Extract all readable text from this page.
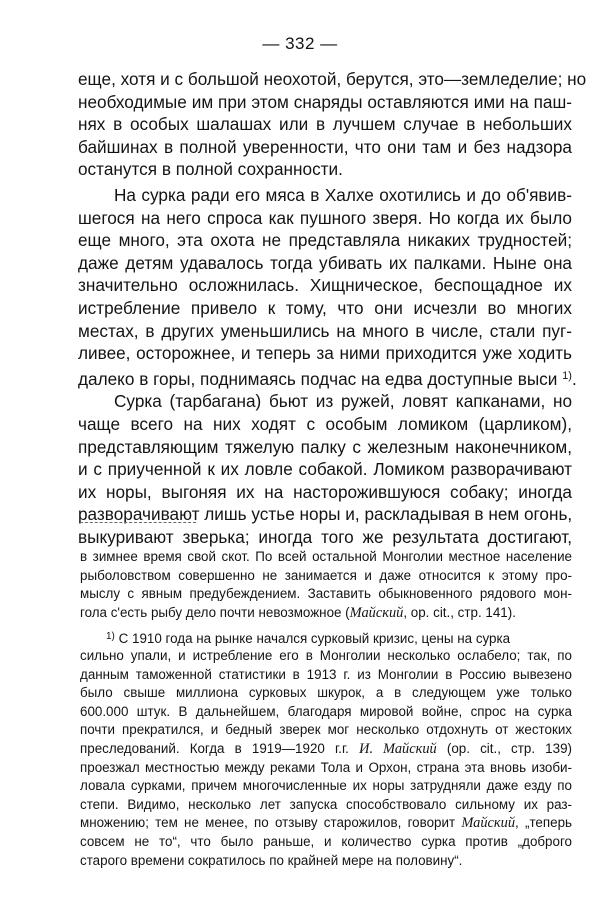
— 332 —
еще, хотя и с большой неохотой, берутся, это—земледелие; но
необходимые им при этом снаряды оставляются ими на паш-
нях в особых шалашах или в лучшем случае в небольших
байшинах в полной уверенности, что они там и без надзора
останутся в полной сохранности.
На сурка ради его мяса в Халхе охотились и до об'явив-
шегося на него спроса как пушного зверя. Но когда их было
еще много, эта охота не представляла никаких трудностей;
даже детям удавалось тогда убивать их палками. Ныне она
значительно осложнилась. Хищническое, беспощадное их
истребление привело к тому, что они исчезли во многих
местах, в других уменьшились на много в числе, стали пуг-
ливее, осторожнее, и теперь за ними приходится уже ходить
далеко в горы, поднимаясь подчас на едва доступные выси $^{1)}$.
Сурка (тарбагана) бьют из ружей, ловят капканами, но
чаще всего на них ходят с особым ломиком (царликом),
представляющим тяжелую палку с железным наконечником,
и с приученной к их ловле собакой. Ломиком разворачивают
их норы, выгоняя их на насторожившуюся собаку; иногда
разворачивают лишь устье норы и, раскладывая в нем огонь,
выкуривают зверька; иногда того же результата достигают,
в зимнее время свой скот. По всей остальной Монголии местное население
рыболовством совершенно не занимается и даже относится к этому про-
мыслу с явным предубеждением. Заставить обыкновенного рядового мон-
гола с'есть рыбу дело почти невозможное (Майский, op. cit., стр. 141).
$^{1)}$ С 1910 года на рынке начался сурковый кризис, цены на сурка
сильно упали, и истребление его в Монголии несколько ослабело; так, по
данным таможенной статистики в 1913 г. из Монголии в Россию вывезено
было свыше миллиона сурковых шкурок, а в следующем уже только
600.000 штук. В дальнейшем, благодаря мировой войне, спрос на сурка
почти прекратился, и бедный зверек мог несколько отдохнуть от жестоких
преследований. Когда в 1919—1920 г.г. И. Майский (op. cit., стр. 139)
проезжал местностью между реками Тола и Орхон, страна эта вновь изоби-
ловала сурками, причем многочисленные их норы затрудняли даже езду по
степи. Видимо, несколько лет запуска способствовало сильному их раз-
множению; тем не менее, по отзыву старожилов, говорит Майский, „теперь
совсем не то“, что было раньше, и количество сурка против „доброго
старого времени сократилось по крайней мере на половину“.
